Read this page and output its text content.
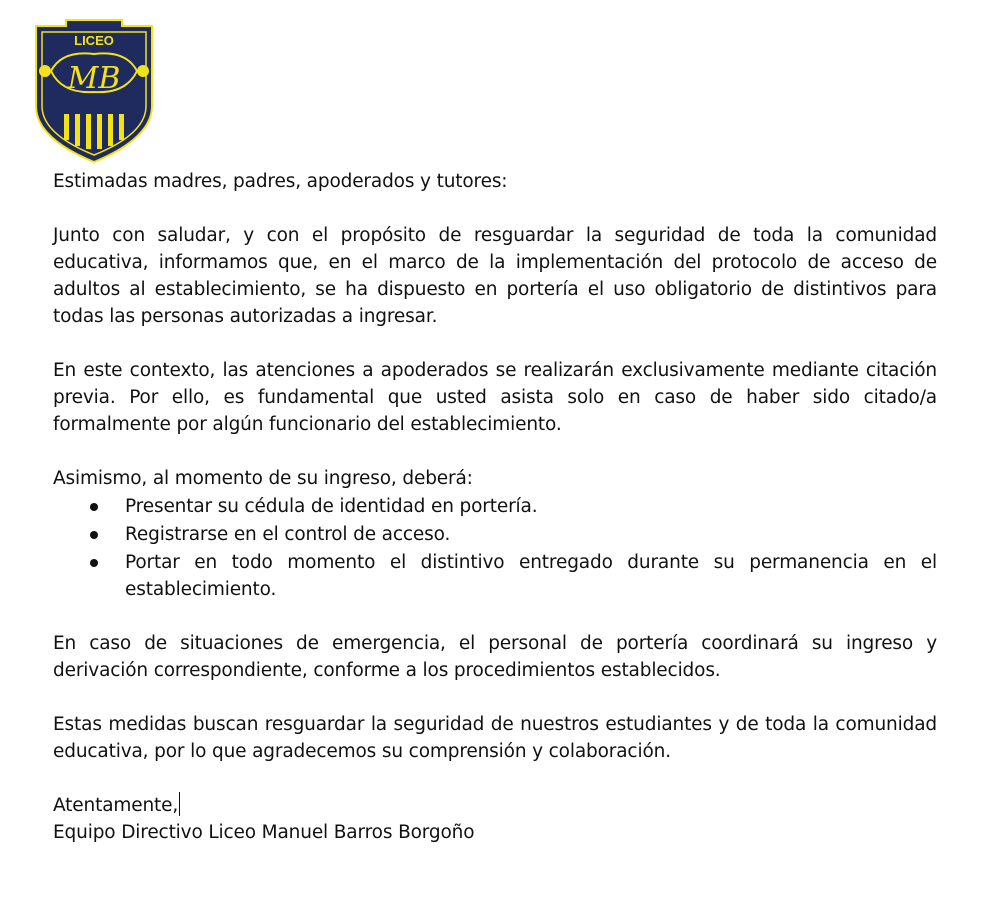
LICEO
MB

Estimadas madres, padres, apoderados y tutores:

Junto con saludar, y con el propósito de resguardar la seguridad de toda la comunidad educativa, informamos que, en el marco de la implementación del protocolo de acceso de adultos al establecimiento, se ha dispuesto en portería el uso obligatorio de distintivos para todas las personas autorizadas a ingresar.

En este contexto, las atenciones a apoderados se realizarán exclusivamente mediante citación previa. Por ello, es fundamental que usted asista solo en caso de haber sido citado/a formalmente por algún funcionario del establecimiento.

Asimismo, al momento de su ingreso, deberá:

Presentar su cédula de identidad en portería.
Registrarse en el control de acceso.
Portar en todo momento el distintivo entregado durante su permanencia en el establecimiento.

En caso de situaciones de emergencia, el personal de portería coordinará su ingreso y derivación correspondiente, conforme a los procedimientos establecidos.

Estas medidas buscan resguardar la seguridad de nuestros estudiantes y de toda la comunidad educativa, por lo que agradecemos su comprensión y colaboración.

Atentamente,

Equipo Directivo Liceo Manuel Barros Borgoño
